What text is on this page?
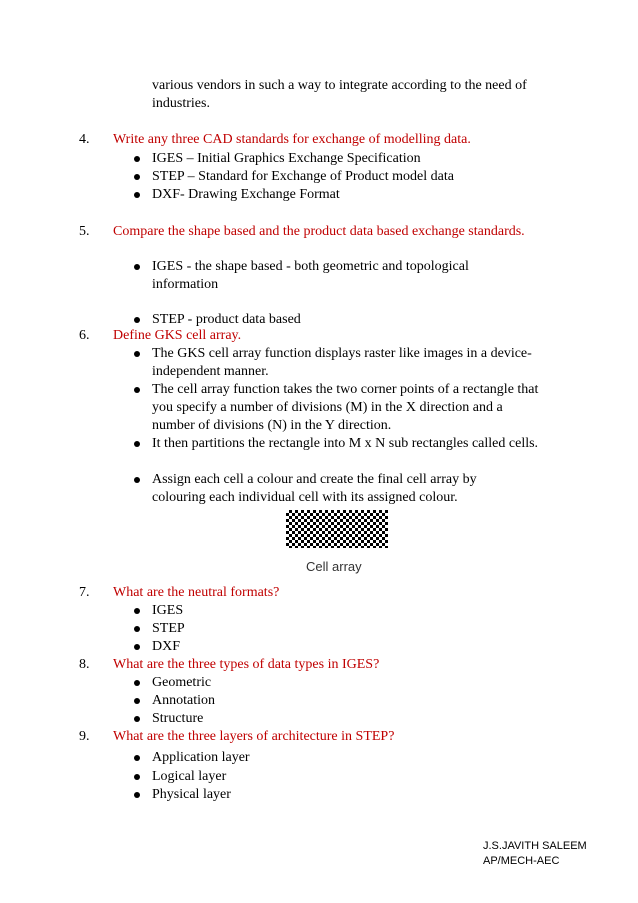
various vendors in such a way to integrate according to the need of
industries.
4. Write any three CAD standards for exchange of modelling data.
IGES – Initial Graphics Exchange Specification
STEP – Standard for Exchange of Product model data
DXF- Drawing Exchange Format
5. Compare the shape based and the product data based exchange standards.
IGES - the shape based - both geometric and topological information
STEP - product data based
6. Define GKS cell array.
The GKS cell array function displays raster like images in a device-independent manner.
The cell array function takes the two corner points of a rectangle that you specify a number of divisions (M) in the X direction and a number of divisions (N) in the Y direction.
It then partitions the rectangle into M x N sub rectangles called cells.
Assign each cell a colour and create the final cell array by colouring each individual cell with its assigned colour.
Cell array
7. What are the neutral formats?
IGES
STEP
DXF
8. What are the three types of data types in IGES?
Geometric
Annotation
Structure
9. What are the three layers of architecture in STEP?
Application layer
Logical layer
Physical layer
J.S.JAVITH SALEEM
AP/MECH-AEC
